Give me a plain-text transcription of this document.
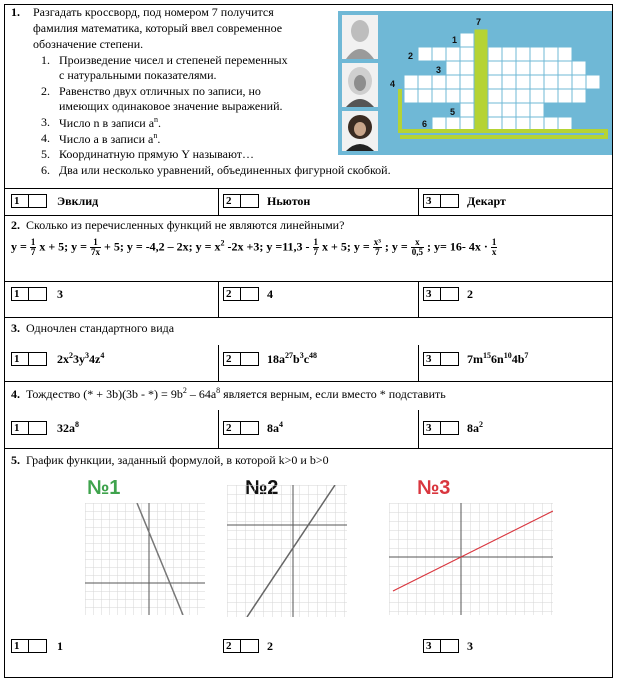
1. Разгадать кроссворд, под номером 7 получится
фамилия математика, который ввел современное
обозначение степени.
1. Произведение чисел и степеней переменных
с натуральными показателями.
2. Равенство двух отличных по записи, но
имеющих одинаковое значение выражений.
3. Число n в записи $a^n$.
4. Число а в записи $a^n$.
5. Координатную прямую Y называют…
6. Два или несколько уравнений, объединенных фигурной скобкой.
7
1
2
3
4
5
6
1	Эвклид	2	Ньютон	3	Декарт
2. Сколько из перечисленных функций не являются линейными?
$y = \frac{1}{7}$ x + 5; $y = \frac{1}{7x} + 5$; y = -4,2 – 2x; $y = x^2$ -2x +3; $y =11,3 - \frac{1}{7}$ x + 5; $y = \frac{\text{x³}}{7}$ ; $y = \frac{x}{0,5}$ ; y= 16- $4x \cdot \frac{1}{x}$
1	3	2	4	3	2
3. Одночлен стандартного вида
1	$2x^23y^34z^4$	2	$18a^{27}b^3c^{48}$	3	$7m^{15}6n^{10}4b^7$
4. Тождество (* + 3b)(3b - *) = $9b^2 - 64a^8$ является верным, если вместо * подставить
1	$32a^8$	2	$8a^4$	3	$8a^2$
5. График функции, заданный формулой, в которой k>0 и b>0
№1	№3
1	1	2	2	3	3
